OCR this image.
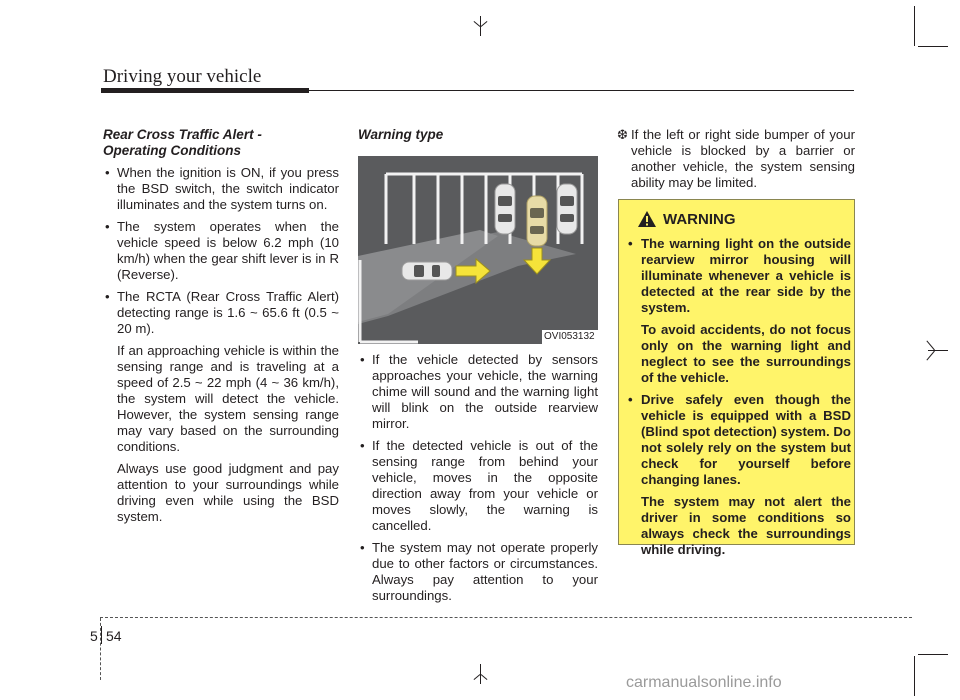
Driving your vehicle
Rear Cross Traffic Alert -
Operating Conditions
• When the ignition is ON, if you press the BSD switch, the switch indicator illuminates and the system turns on.
• The system operates when the vehicle speed is below 6.2 mph (10 km/h) when the gear shift lever is in R (Reverse).
• The RCTA (Rear Cross Traffic Alert) detecting range is 1.6 ~ 65.6 ft (0.5 ~ 20 m).

If an approaching vehicle is within the sensing range and is traveling at a speed of 2.5 ~ 22 mph (4 ~ 36 km/h), the system will detect the vehicle. However, the system sensing range may vary based on the surrounding conditions.

Always use good judgment and pay attention to your surroundings while driving even while using the BSD system.

Warning type
OVI053132
• If the vehicle detected by sensors approaches your vehicle, the warning chime will sound and the warning light will blink on the outside rearview mirror.
• If the detected vehicle is out of the sensing range from behind your vehicle, moves in the opposite direction away from your vehicle or moves slowly, the warning is cancelled.
• The system may not operate properly due to other factors or circumstances. Always pay attention to your surroundings.
❆ If the left or right side bumper of your vehicle is blocked by a barrier or another vehicle, the system sensing ability may be limited.
WARNING
• The warning light on the outside rearview mirror housing will illuminate whenever a vehicle is detected at the rear side by the system.

To avoid accidents, do not focus only on the warning light and neglect to see the surroundings of the vehicle.

• Drive safely even though the vehicle is equipped with a BSD (Blind spot detection) system. Do not solely rely on the system but check for yourself before changing lanes.

The system may not alert the driver in some conditions so always check the surroundings while driving.

5 54
carmanualsonline.info
